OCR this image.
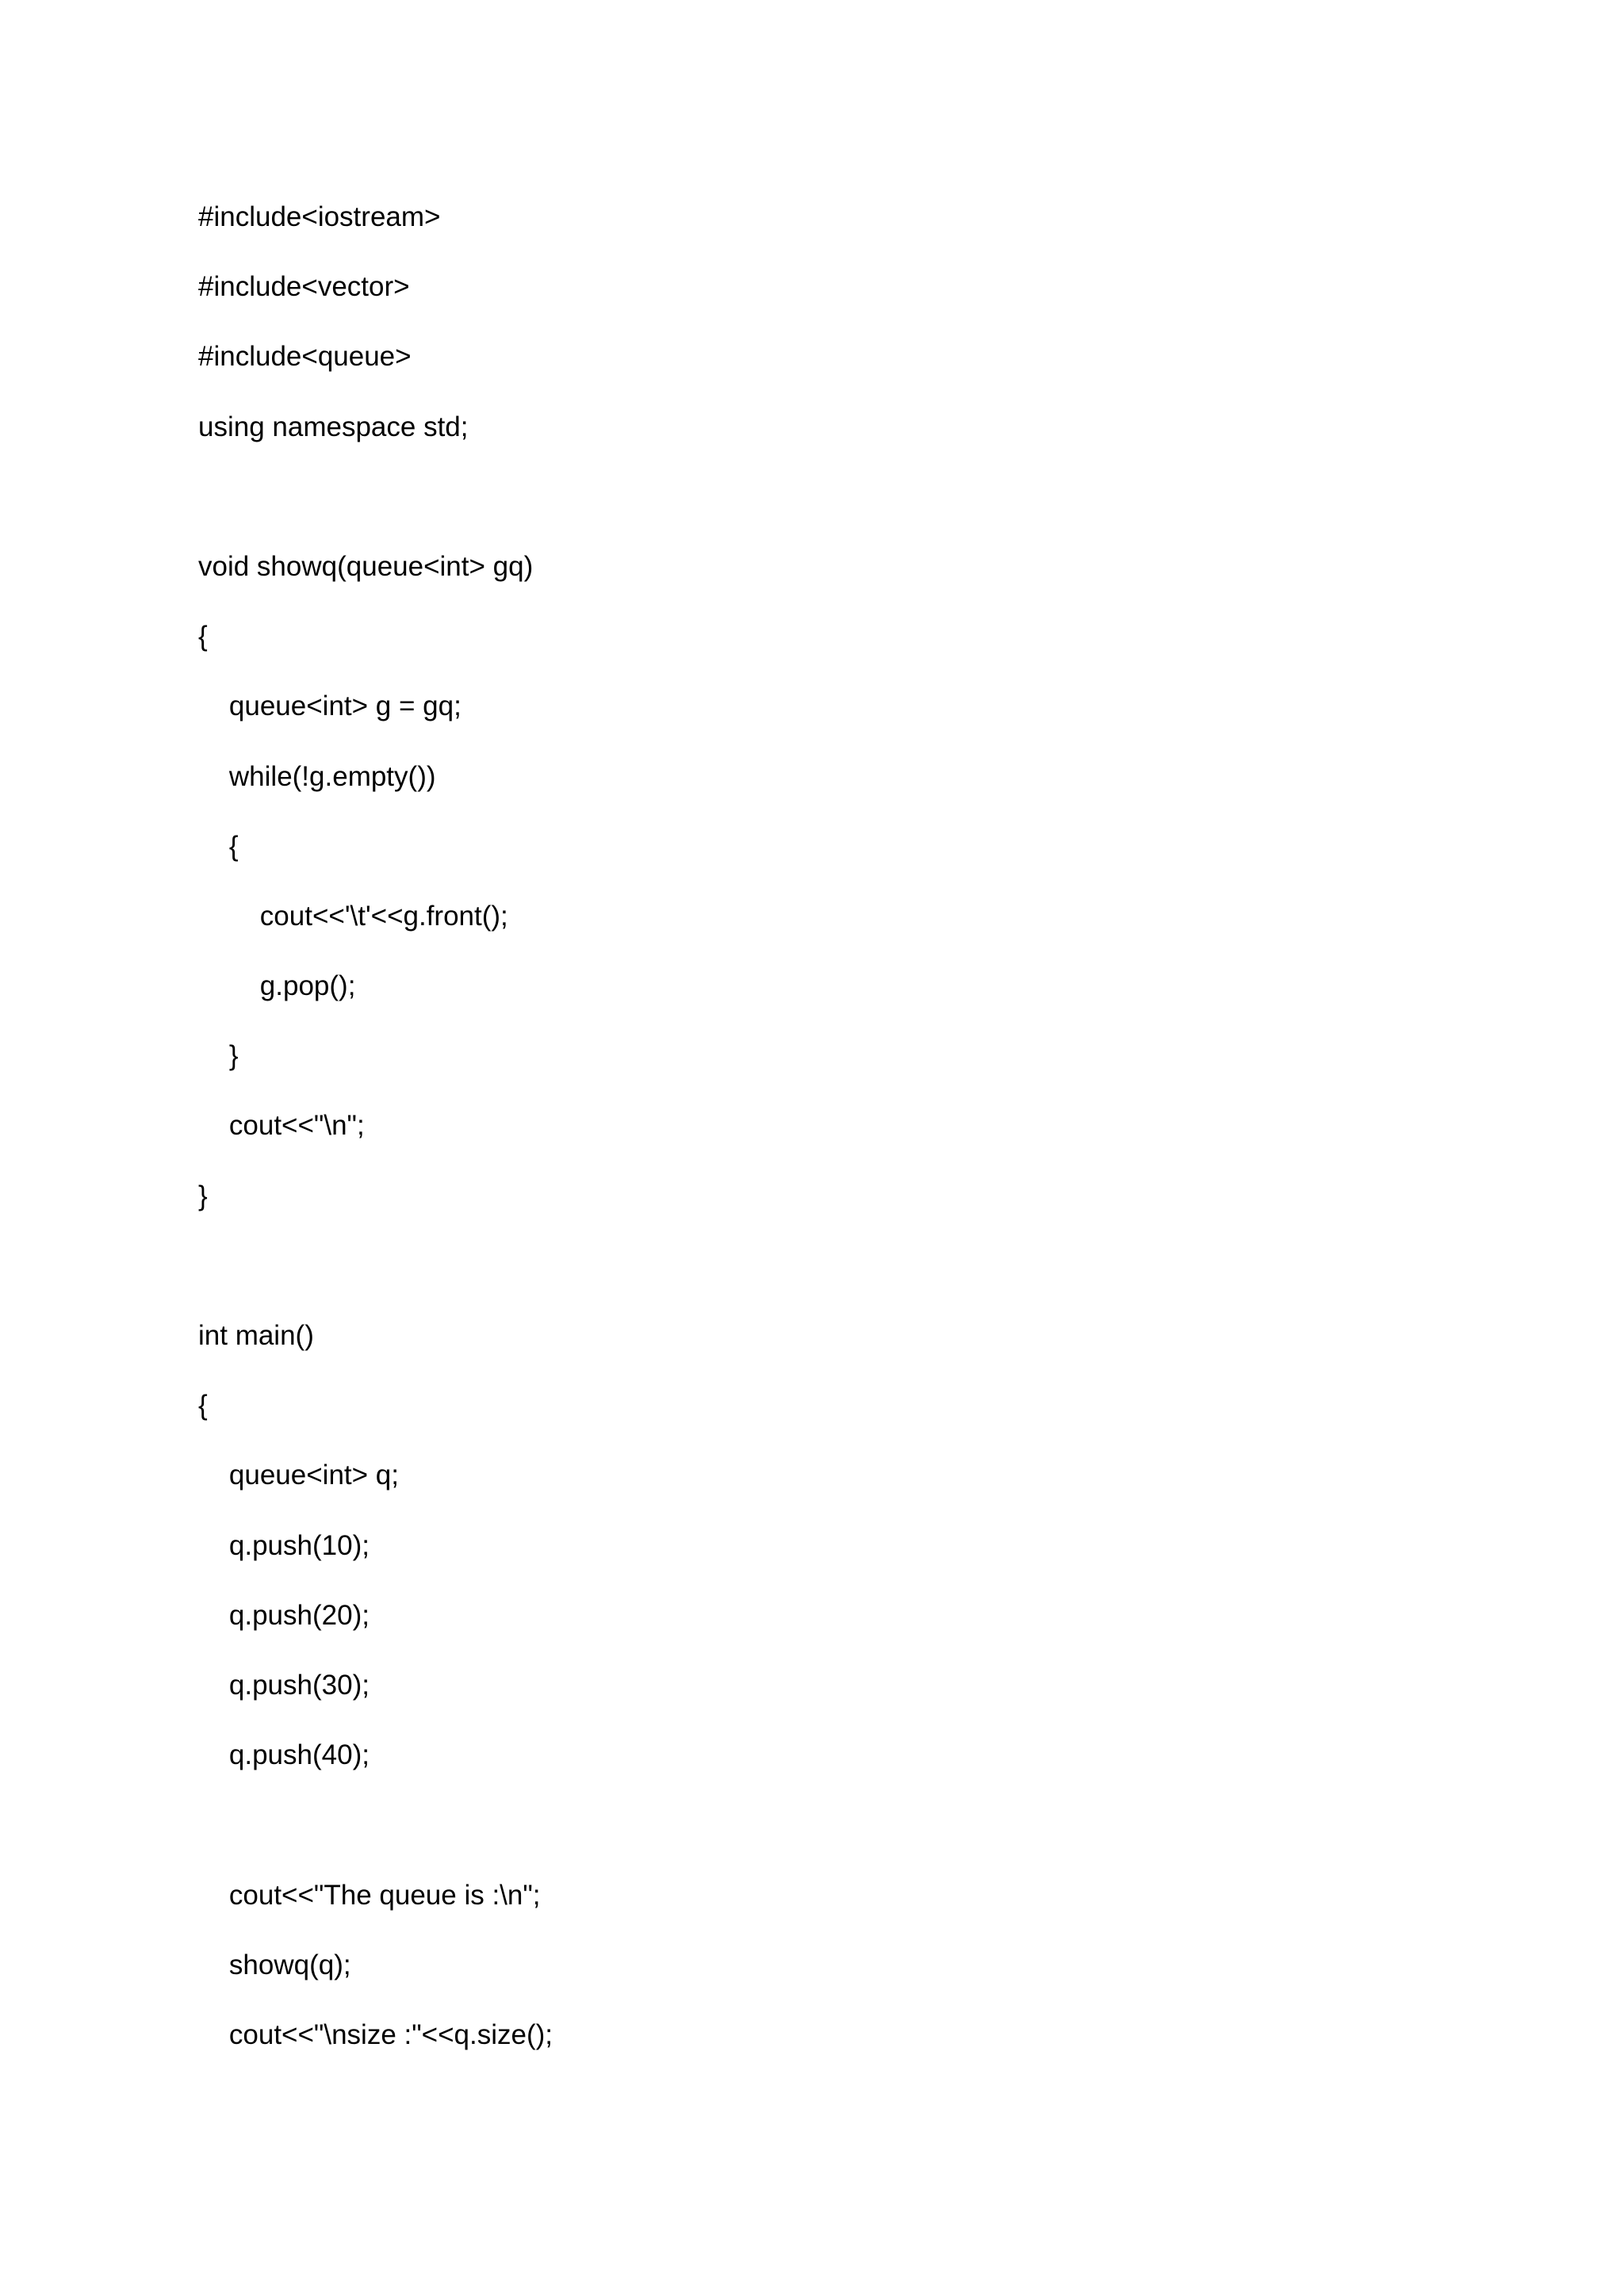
#include<iostream>
#include<vector>
#include<queue>
using namespace std;
void showq(queue<int> gq)
{
queue<int> g = gq;
while(!g.empty())
{
cout<<'\t'<<g.front();
g.pop();
}
cout<<"\n";
}
int main()
{
queue<int> q;
q.push(10);
q.push(20);
q.push(30);
q.push(40);
cout<<"The queue is :\n";
showq(q);
cout<<"\nsize :"<<q.size();
